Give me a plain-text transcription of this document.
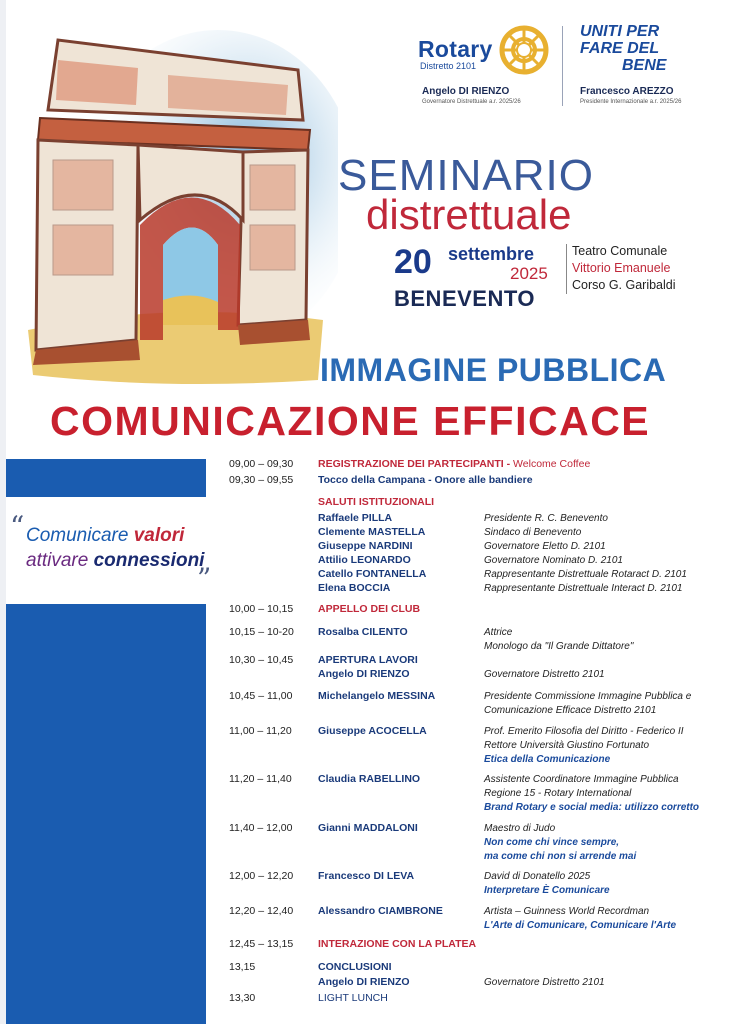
Rotary
Distretto 2101
Angelo DI RIENZO
Governatore Distrettuale a.r. 2025/26
UNITI PER
FARE DEL
BENE
Francesco AREZZO
Presidente Internazionale a.r. 2025/26
SEMINARIO
distrettuale
20 settembre
2025
BENEVENTO
Teatro Comunale
Vittorio Emanuele
Corso G. Garibaldi
IMMAGINE PUBBLICA
COMUNICAZIONE EFFICACE
“ Comunicare valori
attivare connessioni
”
09,00 – 09,30 REGISTRAZIONE DEI PARTECIPANTI - Welcome Coffee
09,30 – 09,55 Tocco della Campana - Onore alle bandiere
SALUTI ISTITUZIONALI
Raffaele PILLA	Presidente R. C. Benevento
Clemente MASTELLA	Sindaco di Benevento
Giuseppe NARDINI	Governatore Eletto D. 2101
Attilio LEONARDO	Governatore Nominato D. 2101
Catello FONTANELLA	Rappresentante Distrettuale Rotaract D. 2101
Elena BOCCIA	Rappresentante Distrettuale Interact D. 2101
10,00 – 10,15 APPELLO DEI CLUB
10,15 – 10-20 Rosalba CILENTO	Attrice
Monologo da "Il Grande Dittatore"
10,30 – 10,45 APERTURA LAVORI
Angelo DI RIENZO	Governatore Distretto 2101
10,45 – 11,00 Michelangelo MESSINA	Presidente Commissione Immagine Pubblica e
Comunicazione Efficace Distretto 2101
11,00 – 11,20	Giuseppe ACOCELLA	Prof. Emerito Filosofia del Diritto - Federico II
Rettore Università Giustino Fortunato
Etica della Comunicazione
11,20 – 11,40	Claudia RABELLINO	Assistente Coordinatore Immagine Pubblica
Regione 15 - Rotary International
Brand Rotary e social media: utilizzo corretto
11,40 – 12,00 Gianni MADDALONI	Maestro di Judo
Non come chi vince sempre,
ma come chi non si arrende mai
12,00 – 12,20 Francesco DI LEVA	David di Donatello 2025
Interpretare È Comunicare
12,20 – 12,40 Alessandro CIAMBRONE	Artista – Guinness World Recordman
L'Arte di Comunicare, Comunicare l'Arte
12,45 – 13,15 INTERAZIONE CON LA PLATEA
13,15	CONCLUSIONI
Angelo DI RIENZO	Governatore Distretto 2101
13,30	LIGHT LUNCH
